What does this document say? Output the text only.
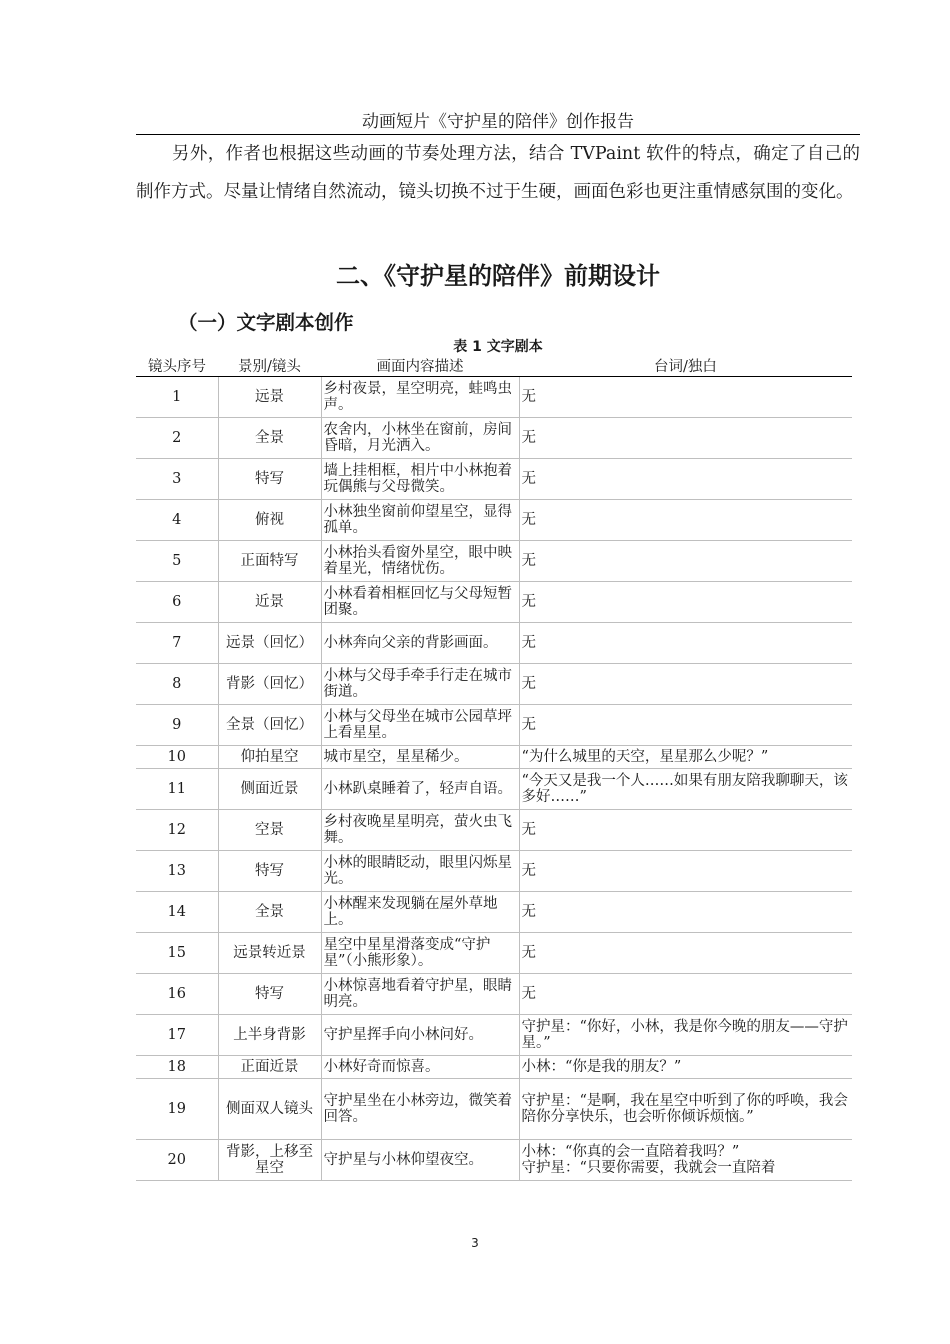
动画短片《守护星的陪伴》创作报告

另外，作者也根据这些动画的节奏处理方法，结合 TVPaint 软件的特点，确定了自己的制作方式。尽量让情绪自然流动，镜头切换不过于生硬，画面色彩也更注重情感氛围的变化。

二、《守护星的陪伴》前期设计
（一）文字剧本创作
表 1 文字剧本
镜头序号	景别/镜头	画面内容描述	台词/独白
1	远景	乡村夜景，星空明亮，蛙鸣虫声。	无
2	全景	农舍内，小林坐在窗前，房间昏暗，月光洒入。	无
3	特写	墙上挂相框，相片中小林抱着玩偶熊与父母微笑。	无
4	俯视	小林独坐窗前仰望星空，显得孤单。	无
5	正面特写	小林抬头看窗外星空，眼中映着星光，情绪忧伤。	无
6	近景	小林看着相框回忆与父母短暂团聚。	无
7	远景（回忆）	小林奔向父亲的背影画面。	无
8	背影（回忆）	小林与父母手牵手行走在城市街道。	无
9	全景（回忆）	小林与父母坐在城市公园草坪上看星星。	无
10	仰拍星空	城市星空，星星稀少。	“为什么城里的天空，星星那么少呢？”
11	侧面近景	小林趴桌睡着了，轻声自语。	“今天又是我一个人……如果有朋友陪我聊聊天，该多好……”
12	空景	乡村夜晚星星明亮，萤火虫飞舞。	无
13	特写	小林的眼睛眨动，眼里闪烁星光。	无
14	全景	小林醒来发现躺在屋外草地上。	无
15	远景转近景	星空中星星滑落变成“守护星”（小熊形象）。	无
16	特写	小林惊喜地看着守护星，眼睛明亮。	无
17	上半身背影	守护星挥手向小林问好。	守护星：“你好，小林，我是你今晚的朋友——守护星。”
18	正面近景	小林好奇而惊喜。	小林：“你是我的朋友？”
19	侧面双人镜头	守护星坐在小林旁边，微笑着回答。	守护星：“是啊，我在星空中听到了你的呼唤，我会陪你分享快乐，也会听你倾诉烦恼。”
20	背影，上移至星空	守护星与小林仰望夜空。	小林：“你真的会一直陪着我吗？”
守护星：“只要你需要，我就会一直陪着
3
